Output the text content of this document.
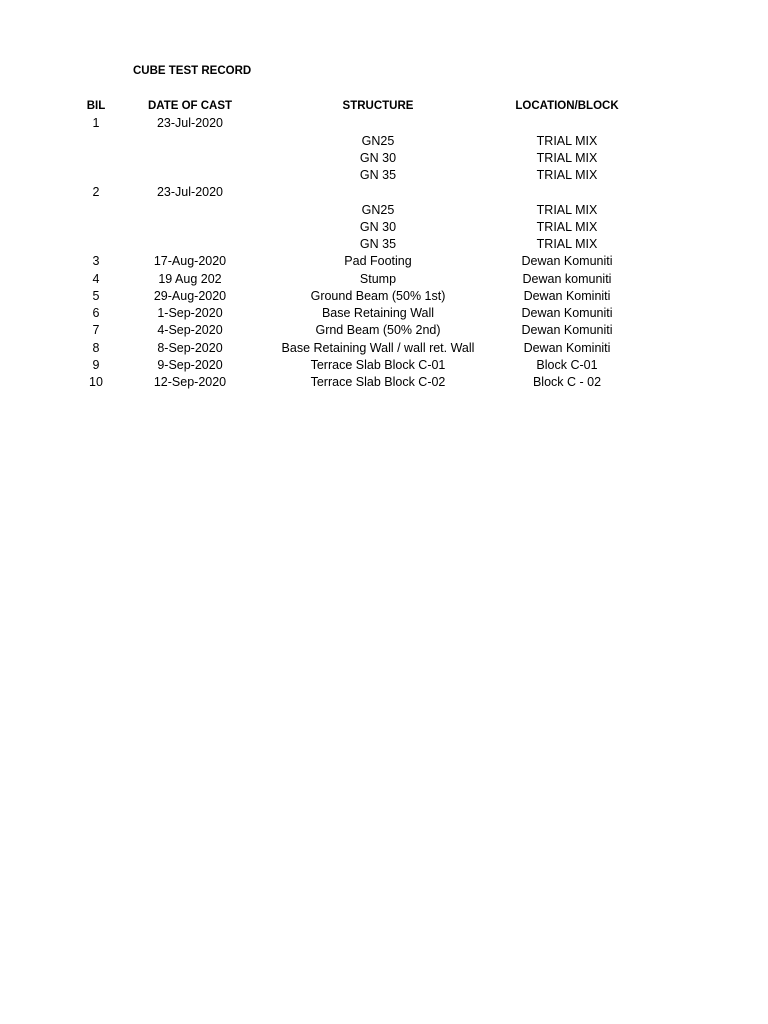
CUBE TEST RECORD
BIL	DATE OF CAST	STRUCTURE	LOCATION/BLOCK
1	23-Jul-2020		
		GN25	TRIAL MIX
		GN 30	TRIAL MIX
		GN 35	TRIAL MIX
2	23-Jul-2020		
		GN25	TRIAL MIX
		GN 30	TRIAL MIX
		GN 35	TRIAL MIX
3	17-Aug-2020	Pad Footing	Dewan Komuniti
4	19 Aug 202	Stump	Dewan komuniti
5	29-Aug-2020	Ground Beam (50% 1st)	Dewan Kominiti
6	1-Sep-2020	Base Retaining Wall	Dewan Komuniti
7	4-Sep-2020	Grnd Beam (50% 2nd)	Dewan Komuniti
8	8-Sep-2020	Base Retaining Wall / wall ret. Wall	Dewan Kominiti
9	9-Sep-2020	Terrace Slab Block C-01	Block C-01
10	12-Sep-2020	Terrace Slab Block C-02	Block C - 02
